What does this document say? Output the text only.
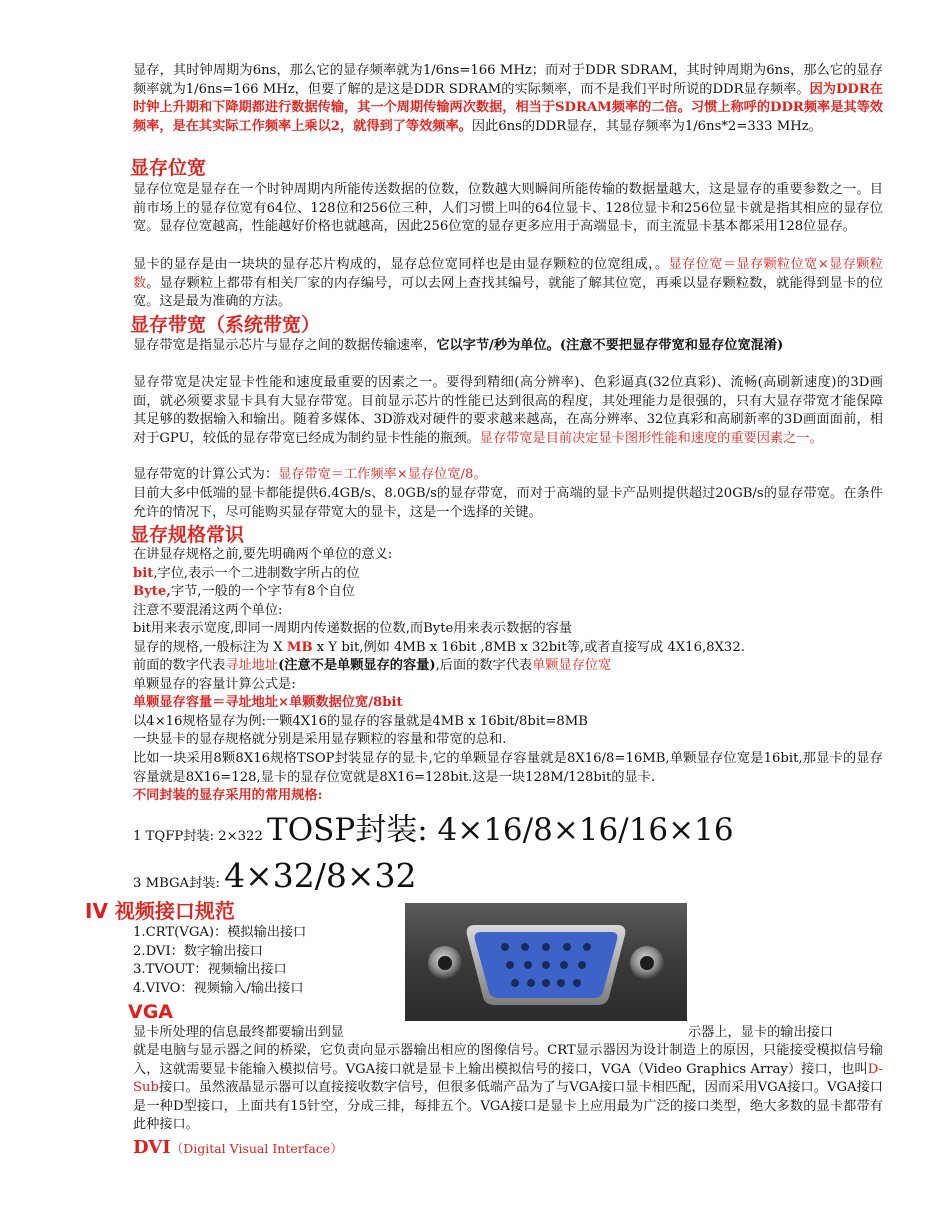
显存，其时钟周期为6ns，那么它的显存频率就为1/6ns=166 MHz；而对于DDR SDRAM，其时钟周期为6ns，那么它的显存频率就为1/6ns=166 MHz，但要了解的是这是DDR SDRAM的实际频率，而不是我们平时所说的DDR显存频率。因为DDR在时钟上升期和下降期都进行数据传输，其一个周期传输两次数据，相当于SDRAM频率的二倍。习惯上称呼的DDR频率是其等效频率，是在其实际工作频率上乘以2，就得到了等效频率。因此6ns的DDR显存，其显存频率为1/6ns*2=333 MHz。

显存位宽

显存位宽是显存在一个时钟周期内所能传送数据的位数，位数越大则瞬间所能传输的数据量越大，这是显存的重要参数之一。目前市场上的显存位宽有64位、128位和256位三种，人们习惯上叫的64位显卡、128位显卡和256位显卡就是指其相应的显存位宽。显存位宽越高，性能越好价格也就越高，因此256位宽的显存更多应用于高端显卡，而主流显卡基本都采用128位显存。

显卡的显存是由一块块的显存芯片构成的，显存总位宽同样也是由显存颗粒的位宽组成，。显存位宽＝显存颗粒位宽×显存颗粒数。显存颗粒上都带有相关厂家的内存编号，可以去网上查找其编号，就能了解其位宽，再乘以显存颗粒数，就能得到显卡的位宽。这是最为准确的方法。

显存带宽（系统带宽）

显存带宽是指显示芯片与显存之间的数据传输速率，它以字节/秒为单位。(注意不要把显存带宽和显存位宽混淆)

显存带宽是决定显卡性能和速度最重要的因素之一。要得到精细(高分辨率)、色彩逼真(32位真彩)、流畅(高刷新速度)的3D画面，就必须要求显卡具有大显存带宽。目前显示芯片的性能已达到很高的程度，其处理能力是很强的，只有大显存带宽才能保障其足够的数据输入和输出。随着多媒体、3D游戏对硬件的要求越来越高，在高分辨率、32位真彩和高刷新率的3D画面面前，相对于GPU，较低的显存带宽已经成为制约显卡性能的瓶颈。显存带宽是目前决定显卡图形性能和速度的重要因素之一。

显存带宽的计算公式为：显存带宽＝工作频率×显存位宽/8。

目前大多中低端的显卡都能提供6.4GB/s、8.0GB/s的显存带宽，而对于高端的显卡产品则提供超过20GB/s的显存带宽。在条件允许的情况下，尽可能购买显存带宽大的显卡，这是一个选择的关键。

显存规格常识

在讲显存规格之前,要先明确两个单位的意义:

bit,字位,表示一个二进制数字所占的位

Byte,字节,一般的一个字节有8个自位

注意不要混淆这两个单位:

bit用来表示宽度,即同一周期内传递数据的位数,而Byte用来表示数据的容量

显存的规格,一般标注为 X MB x Y bit,例如 4MB x 16bit ,8MB x 32bit等,或者直接写成 4X16,8X32.

前面的数字代表寻址地址(注意不是单颗显存的容量),后面的数字代表单颗显存位宽

单颗显存的容量计算公式是:

单颗显存容量＝寻址地址×单颗数据位宽/8bit

以4×16规格显存为例:一颗4X16的显存的容量就是4MB x 16bit/8bit=8MB

一块显卡的显存规格就分别是采用显存颗粒的容量和带宽的总和.

比如一块采用8颗8X16规格TSOP封装显存的显卡,它的单颗显存容量就是8X16/8=16MB,单颗显存位宽是16bit,那显卡的显存容量就是8X16=128,显卡的显存位宽就是8X16=128bit.这是一块128M/128bit的显卡.

不同封装的显存采用的常用规格:

1 TQFP封装: 2×322 TOSP封装: 4×16/8×16/16×16

3 MBGA封装: 4×32/8×32

IV 视频接口规范

1.CRT(VGA)：模拟输出接口

2.DVI：数字输出接口

3.TVOUT：视频输出接口

4.VIVO：视频输入/输出接口

VGA

显卡所处理的信息最终都要输出到显	示器上，显卡的输出接口

就是电脑与显示器之间的桥梁，它负责向显示器输出相应的图像信号。CRT显示器因为设计制造上的原因，只能接受模拟信号输入，这就需要显卡能输入模拟信号。VGA接口就是显卡上输出模拟信号的接口，VGA（Video Graphics Array）接口，也叫D-Sub接口。虽然液晶显示器可以直接接收数字信号，但很多低端产品为了与VGA接口显卡相匹配，因而采用VGA接口。VGA接口是一种D型接口，上面共有15针空，分成三排，每排五个。VGA接口是显卡上应用最为广泛的接口类型，绝大多数的显卡都带有此种接口。

DVI（Digital Visual Interface）
